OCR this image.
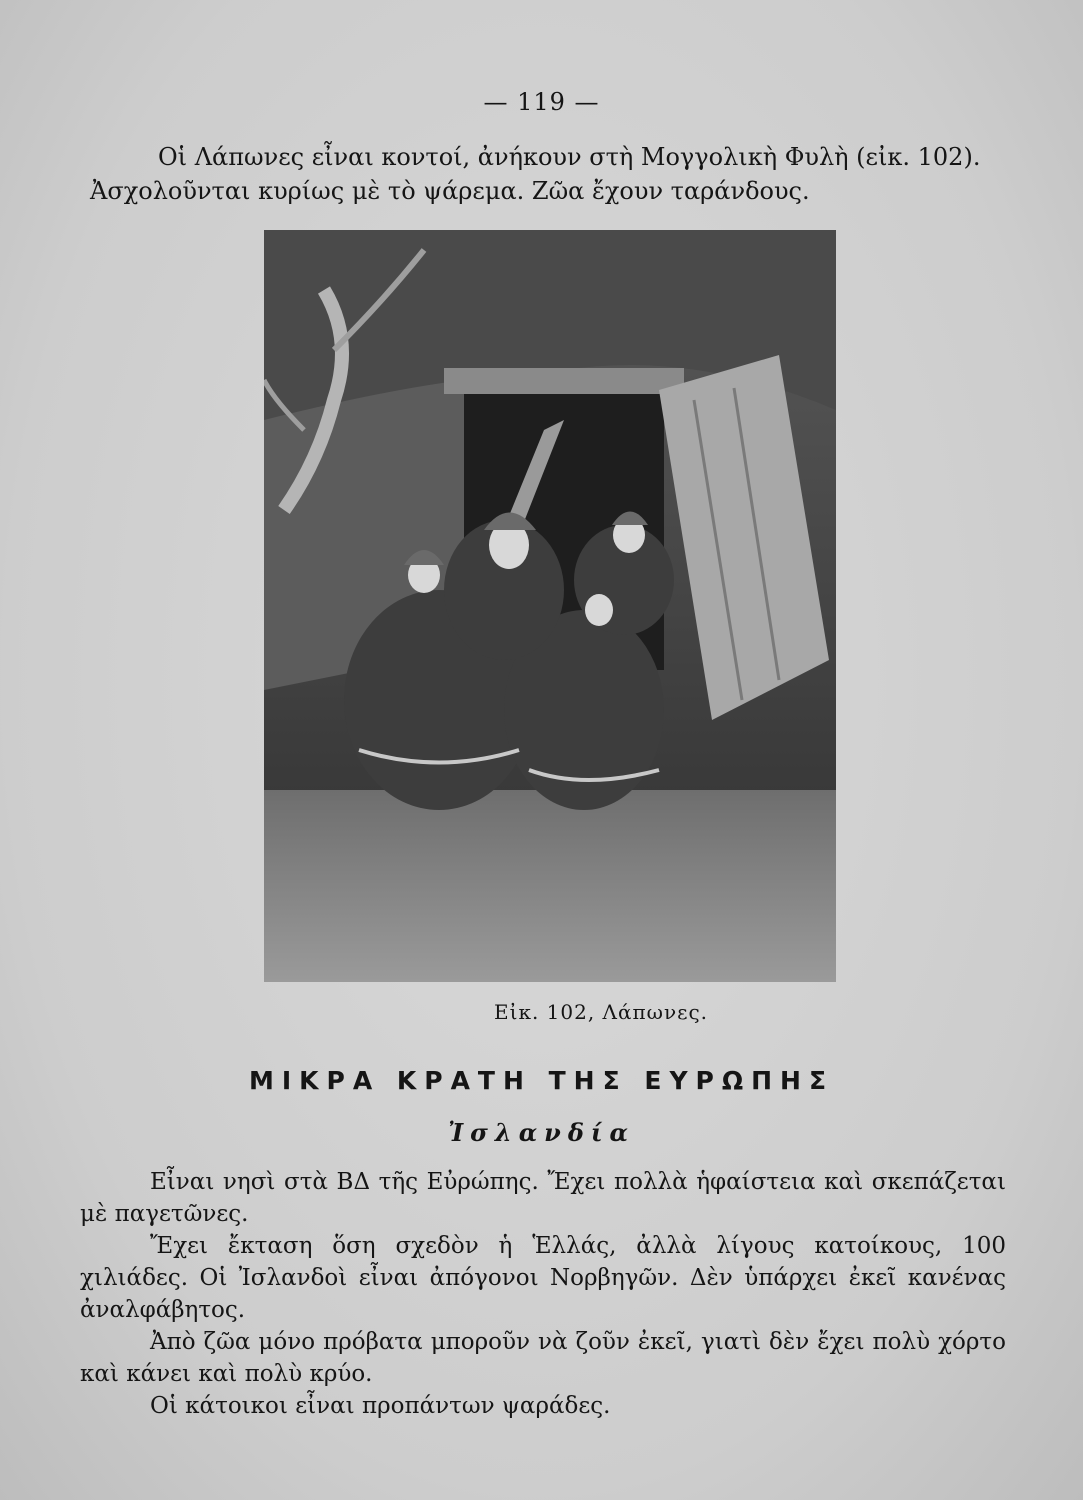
— 119 —

Οἱ Λάπωνες εἶναι κοντοί, ἀνήκουν στὴ Μογγολικὴ Φυλὴ (εἰκ. 102).

Ἀσχολοῦνται κυρίως μὲ τὸ ψάρεμα. Ζῶα ἔχουν ταράνδους.

Εἰκ. 102, Λάπωνες.
ΜΙΚΡΑ ΚΡΑΤΗ ΤΗΣ ΕΥΡΩΠΗΣ
Ἰσλανδία

Εἶναι νησὶ στὰ ΒΔ τῆς Εὐρώπης. Ἔχει πολλὰ ἡφαίστεια καὶ σκεπάζεται μὲ παγετῶνες.

Ἔχει ἔκταση ὅση σχεδὸν ἡ Ἑλλάς, ἀλλὰ λίγους κατοίκους, 100 χιλιάδες. Οἱ Ἰσλανδοὶ εἶναι ἀπόγονοι Νορβηγῶν. Δὲν ὑπάρχει ἐκεῖ κανένας ἀναλφάβητος.

Ἀπὸ ζῶα μόνο πρόβατα μποροῦν νὰ ζοῦν ἐκεῖ, γιατὶ δὲν ἔχει πολὺ χόρτο καὶ κάνει καὶ πολὺ κρύο.

Οἱ κάτοικοι εἶναι προπάντων ψαράδες.
